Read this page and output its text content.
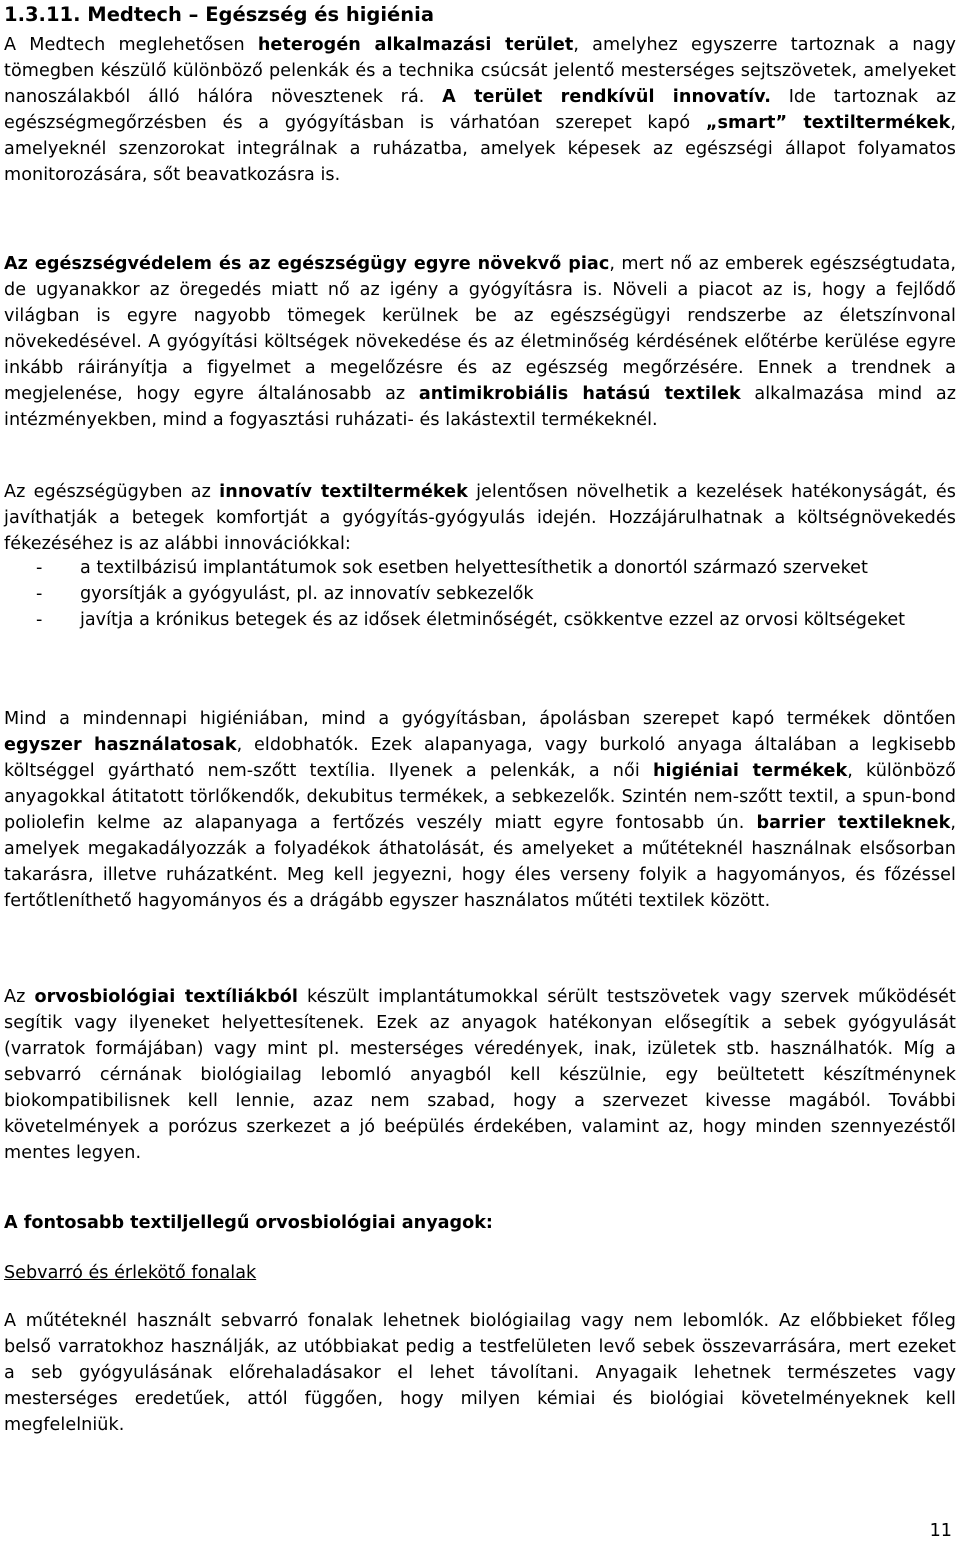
1.3.11. Medtech – Egészség és higiénia

A Medtech meglehetősen heterogén alkalmazási terület, amelyhez egyszerre tartoznak a nagy tömegben készülő különböző pelenkák és a technika csúcsát jelentő mesterséges sejtszövetek, amelyeket nanoszálakból álló hálóra növesztenek rá. A terület rendkívül innovatív. Ide tartoznak az egészségmegőrzésben és a gyógyításban is várhatóan szerepet kapó „smart” textiltermékek, amelyeknél szenzorokat integrálnak a ruházatba, amelyek képesek az egészségi állapot folyamatos monitorozására, sőt beavatkozásra is.

Az egészségvédelem és az egészségügy egyre növekvő piac, mert nő az emberek egészségtudata, de ugyanakkor az öregedés miatt nő az igény a gyógyításra is. Növeli a piacot az is, hogy a fejlődő világban is egyre nagyobb tömegek kerülnek be az egészségügyi rendszerbe az életszínvonal növekedésével. A gyógyítási költségek növekedése és az életminőség kérdésének előtérbe kerülése egyre inkább ráirányítja a figyelmet a megelőzésre és az egészség megőrzésére. Ennek a trendnek a megjelenése, hogy egyre általánosabb az antimikrobiális hatású textilek alkalmazása mind az intézményekben, mind a fogyasztási ruházati- és lakástextil termékeknél.

Az egészségügyben az innovatív textiltermékek jelentősen növelhetik a kezelések hatékonyságát, és javíthatják a betegek komfortját a gyógyítás-gyógyulás idején. Hozzájárulhatnak a költségnövekedés fékezéséhez is az alábbi innovációkkal:

- a textilbázisú implantátumok sok esetben helyettesíthetik a donortól származó szerveket
- gyorsítják a gyógyulást, pl. az innovatív sebkezelők
- javítja a krónikus betegek és az idősek életminőségét, csökkentve ezzel az orvosi költségeket

Mind a mindennapi higiéniában, mind a gyógyításban, ápolásban szerepet kapó termékek döntően egyszer használatosak, eldobhatók. Ezek alapanyaga, vagy burkoló anyaga általában a legkisebb költséggel gyártható nem-szőtt textília. Ilyenek a pelenkák, a női higiéniai termékek, különböző anyagokkal átitatott törlőkendők, dekubitus termékek, a sebkezelők. Szintén nem-szőtt textil, a spun-bond poliolefin kelme az alapanyaga a fertőzés veszély miatt egyre fontosabb ún. barrier textileknek, amelyek megakadályozzák a folyadékok áthatolását, és amelyeket a műtéteknél használnak elsősorban takarásra, illetve ruházatként. Meg kell jegyezni, hogy éles verseny folyik a hagyományos, és főzéssel fertőtleníthető hagyományos és a drágább egyszer használatos műtéti textilek között.

Az orvosbiológiai textíliákból készült implantátumokkal sérült testszövetek vagy szervek működését segítik vagy ilyeneket helyettesítenek. Ezek az anyagok hatékonyan elősegítik a sebek gyógyulását (varratok formájában) vagy mint pl. mesterséges véredények, inak, izületek stb. használhatók. Míg a sebvarró cérnának biológiailag lebomló anyagból kell készülnie, egy beültetett készítménynek biokompatibilisnek kell lennie, azaz nem szabad, hogy a szervezet kivesse magából. További követelmények a porózus szerkezet a jó beépülés érdekében, valamint az, hogy minden szennyezéstől mentes legyen.

A fontosabb textiljellegű orvosbiológiai anyagok:
Sebvarró és érlekötő fonalak

A műtéteknél használt sebvarró fonalak lehetnek biológiailag vagy nem lebomlók. Az előbbieket főleg belső varratokhoz használják, az utóbbiakat pedig a testfelületen levő sebek összevarrására, mert ezeket a seb gyógyulásának előrehaladásakor el lehet távolítani. Anyagaik lehetnek természetes vagy mesterséges eredetűek, attól függően, hogy milyen kémiai és biológiai követelményeknek kell megfelelniük.

11
